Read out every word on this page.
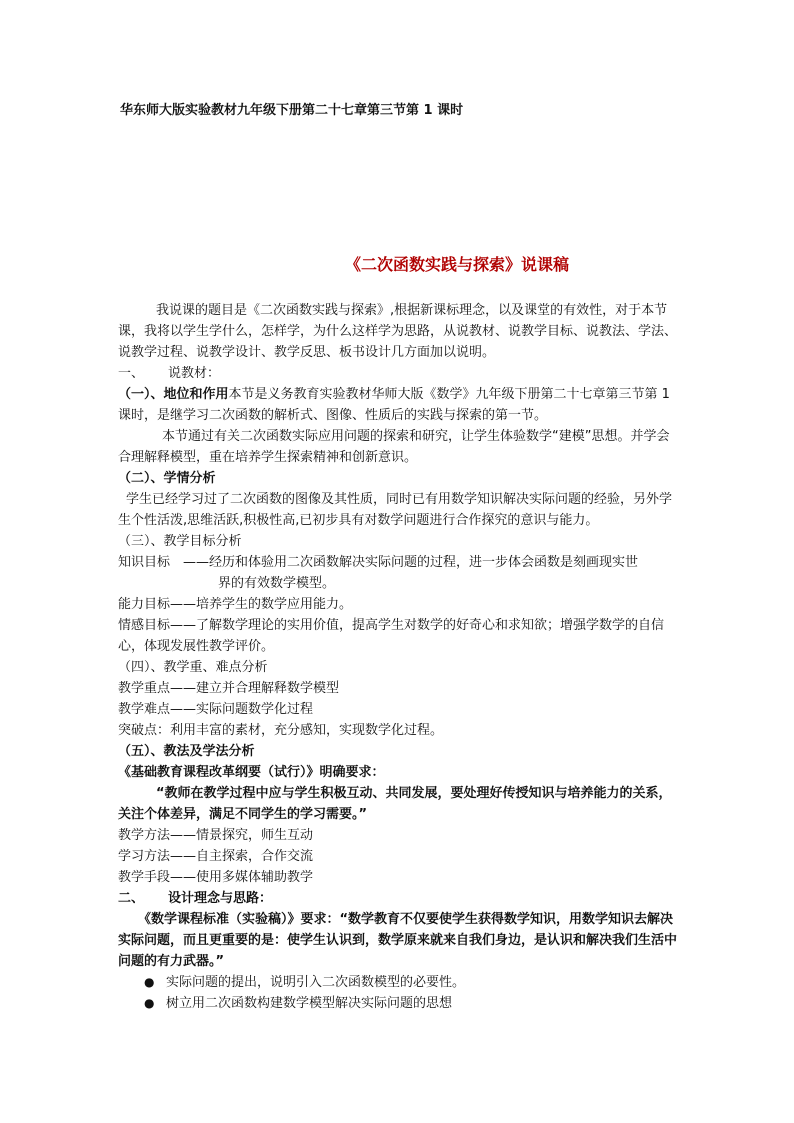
华东师大版实验教材九年级下册第二十七章第三节第 1 课时
《二次函数实践与探索》说课稿

我说课的题目是《二次函数实践与探索》,根据新课标理念，以及课堂的有效性，对于本节课，我将以学生学什么，怎样学，为什么这样学为思路，从说教材、说教学目标、说教法、学法、说教学过程、说教学设计、教学反思、板书设计几方面加以说明。

一、	说教材：

（一）、地位和作用本节是义务教育实验教材华师大版《数学》九年级下册第二十七章第三节第 1 课时，是继学习二次函数的解析式、图像、性质后的实践与探索的第一节。

本节通过有关二次函数实际应用问题的探索和研究，让学生体验数学“建模”思想。并学会合理解释模型，重在培养学生探索精神和创新意识。

（二）、学情分析

学生已经学习过了二次函数的图像及其性质，同时已有用数学知识解决实际问题的经验，另外学生个性活泼,思维活跃,积极性高,已初步具有对数学问题进行合作探究的意识与能力。

（三）、教学目标分析

知识目标　——经历和体验用二次函数解决实际问题的过程，进一步体会函数是刻画现实世

界的有效数学模型。

能力目标——培养学生的数学应用能力。

情感目标——了解数学理论的实用价值，提高学生对数学的好奇心和求知欲；增强学数学的自信心，体现发展性教学评价。

（四）、教学重、难点分析

教学重点——建立并合理解释数学模型

教学难点——实际问题数学化过程

突破点：利用丰富的素材，充分感知，实现数学化过程。

（五）、教法及学法分析

《基础教育课程改革纲要（试行）》明确要求：

“教师在教学过程中应与学生积极互动、共同发展，要处理好传授知识与培养能力的关系，关注个体差异，满足不同学生的学习需要。”

教学方法——情景探究，师生互动

学习方法——自主探索，合作交流

教学手段——使用多媒体辅助教学

二、	设计理念与思路：

《数学课程标准（实验稿）》要求：“数学教育不仅要使学生获得数学知识，用数学知识去解决实际问题，而且更重要的是：使学生认识到，数学原来就来自我们身边，是认识和解决我们生活中问题的有力武器。”

● 实际问题的提出，说明引入二次函数模型的必要性。
● 树立用二次函数构建数学模型解决实际问题的思想
